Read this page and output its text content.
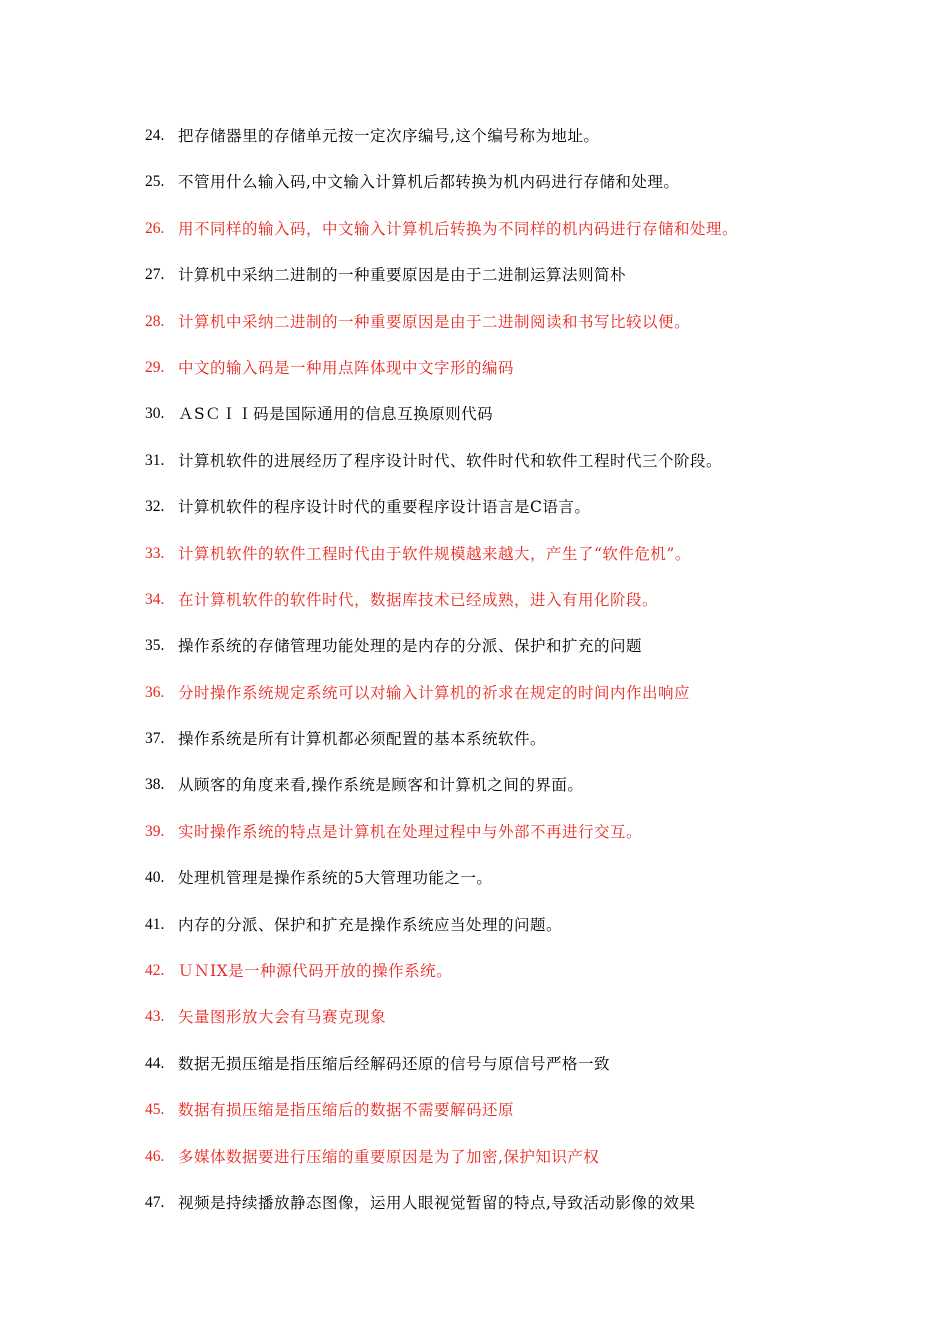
24. 把存储器里的存储单元按一定次序编号,这个编号称为地址。
25. 不管用什么输入码,中文输入计算机后都转换为机内码进行存储和处理。
26. 用不同样的输入码，中文输入计算机后转换为不同样的机内码进行存储和处理。
27. 计算机中采纳二进制的一种重要原因是由于二进制运算法则简朴
28. 计算机中采纳二进制的一种重要原因是由于二进制阅读和书写比较以便。
29. 中文的输入码是一种用点阵体现中文字形的编码
30. ＡSＣＩＩ码是国际通用的信息互换原则代码
31. 计算机软件的进展经历了程序设计时代、软件时代和软件工程时代三个阶段。
32. 计算机软件的程序设计时代的重要程序设计语言是C语言。
33. 计算机软件的软件工程时代由于软件规模越来越大，产生了“软件危机”。
34. 在计算机软件的软件时代，数据库技术已经成熟，进入有用化阶段。
35. 操作系统的存储管理功能处理的是内存的分派、保护和扩充的问题
36. 分时操作系统规定系统可以对输入计算机的祈求在规定的时间内作出响应
37. 操作系统是所有计算机都必须配置的基本系统软件。
38. 从顾客的角度来看,操作系统是顾客和计算机之间的界面。
39. 实时操作系统的特点是计算机在处理过程中与外部不再进行交互。
40. 处理机管理是操作系统的5大管理功能之一。
41. 内存的分派、保护和扩充是操作系统应当处理的问题。
42. ＵＮIX是一种源代码开放的操作系统。
43. 矢量图形放大会有马赛克现象
44. 数据无损压缩是指压缩后经解码还原的信号与原信号严格一致
45. 数据有损压缩是指压缩后的数据不需要解码还原
46. 多媒体数据要进行压缩的重要原因是为了加密,保护知识产权
47. 视频是持续播放静态图像，运用人眼视觉暂留的特点,导致活动影像的效果
